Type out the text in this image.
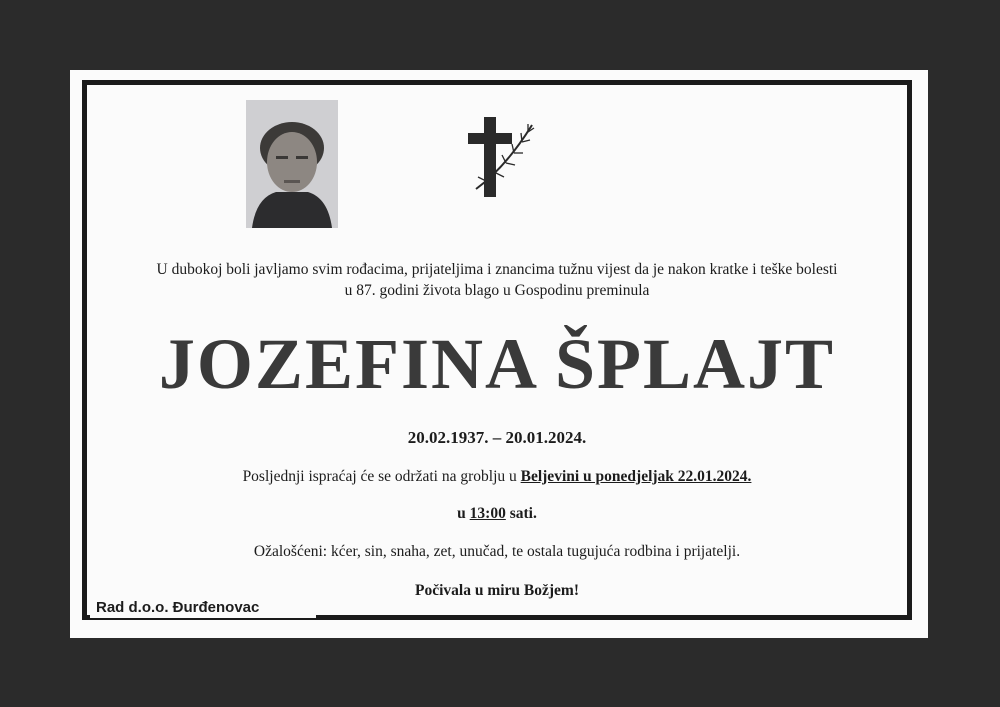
U dubokoj boli javljamo svim rođacima, prijateljima i znancima tužnu vijest da je nakon kratke i teške bolesti
u 87. godini života blago u Gospodinu preminula
JOZEFINA ŠPLAJT
20.02.1937. – 20.01.2024.
Posljednji ispraćaj će se održati na groblju u Beljevini u ponedjeljak 22.01.2024.
u 13:00 sati.
Ožalošćeni: kćer, sin, snaha, zet, unučad, te ostala tugujuća rodbina i prijatelji.
Počivala u miru Božjem!
Rad d.o.o. Đurđenovac
